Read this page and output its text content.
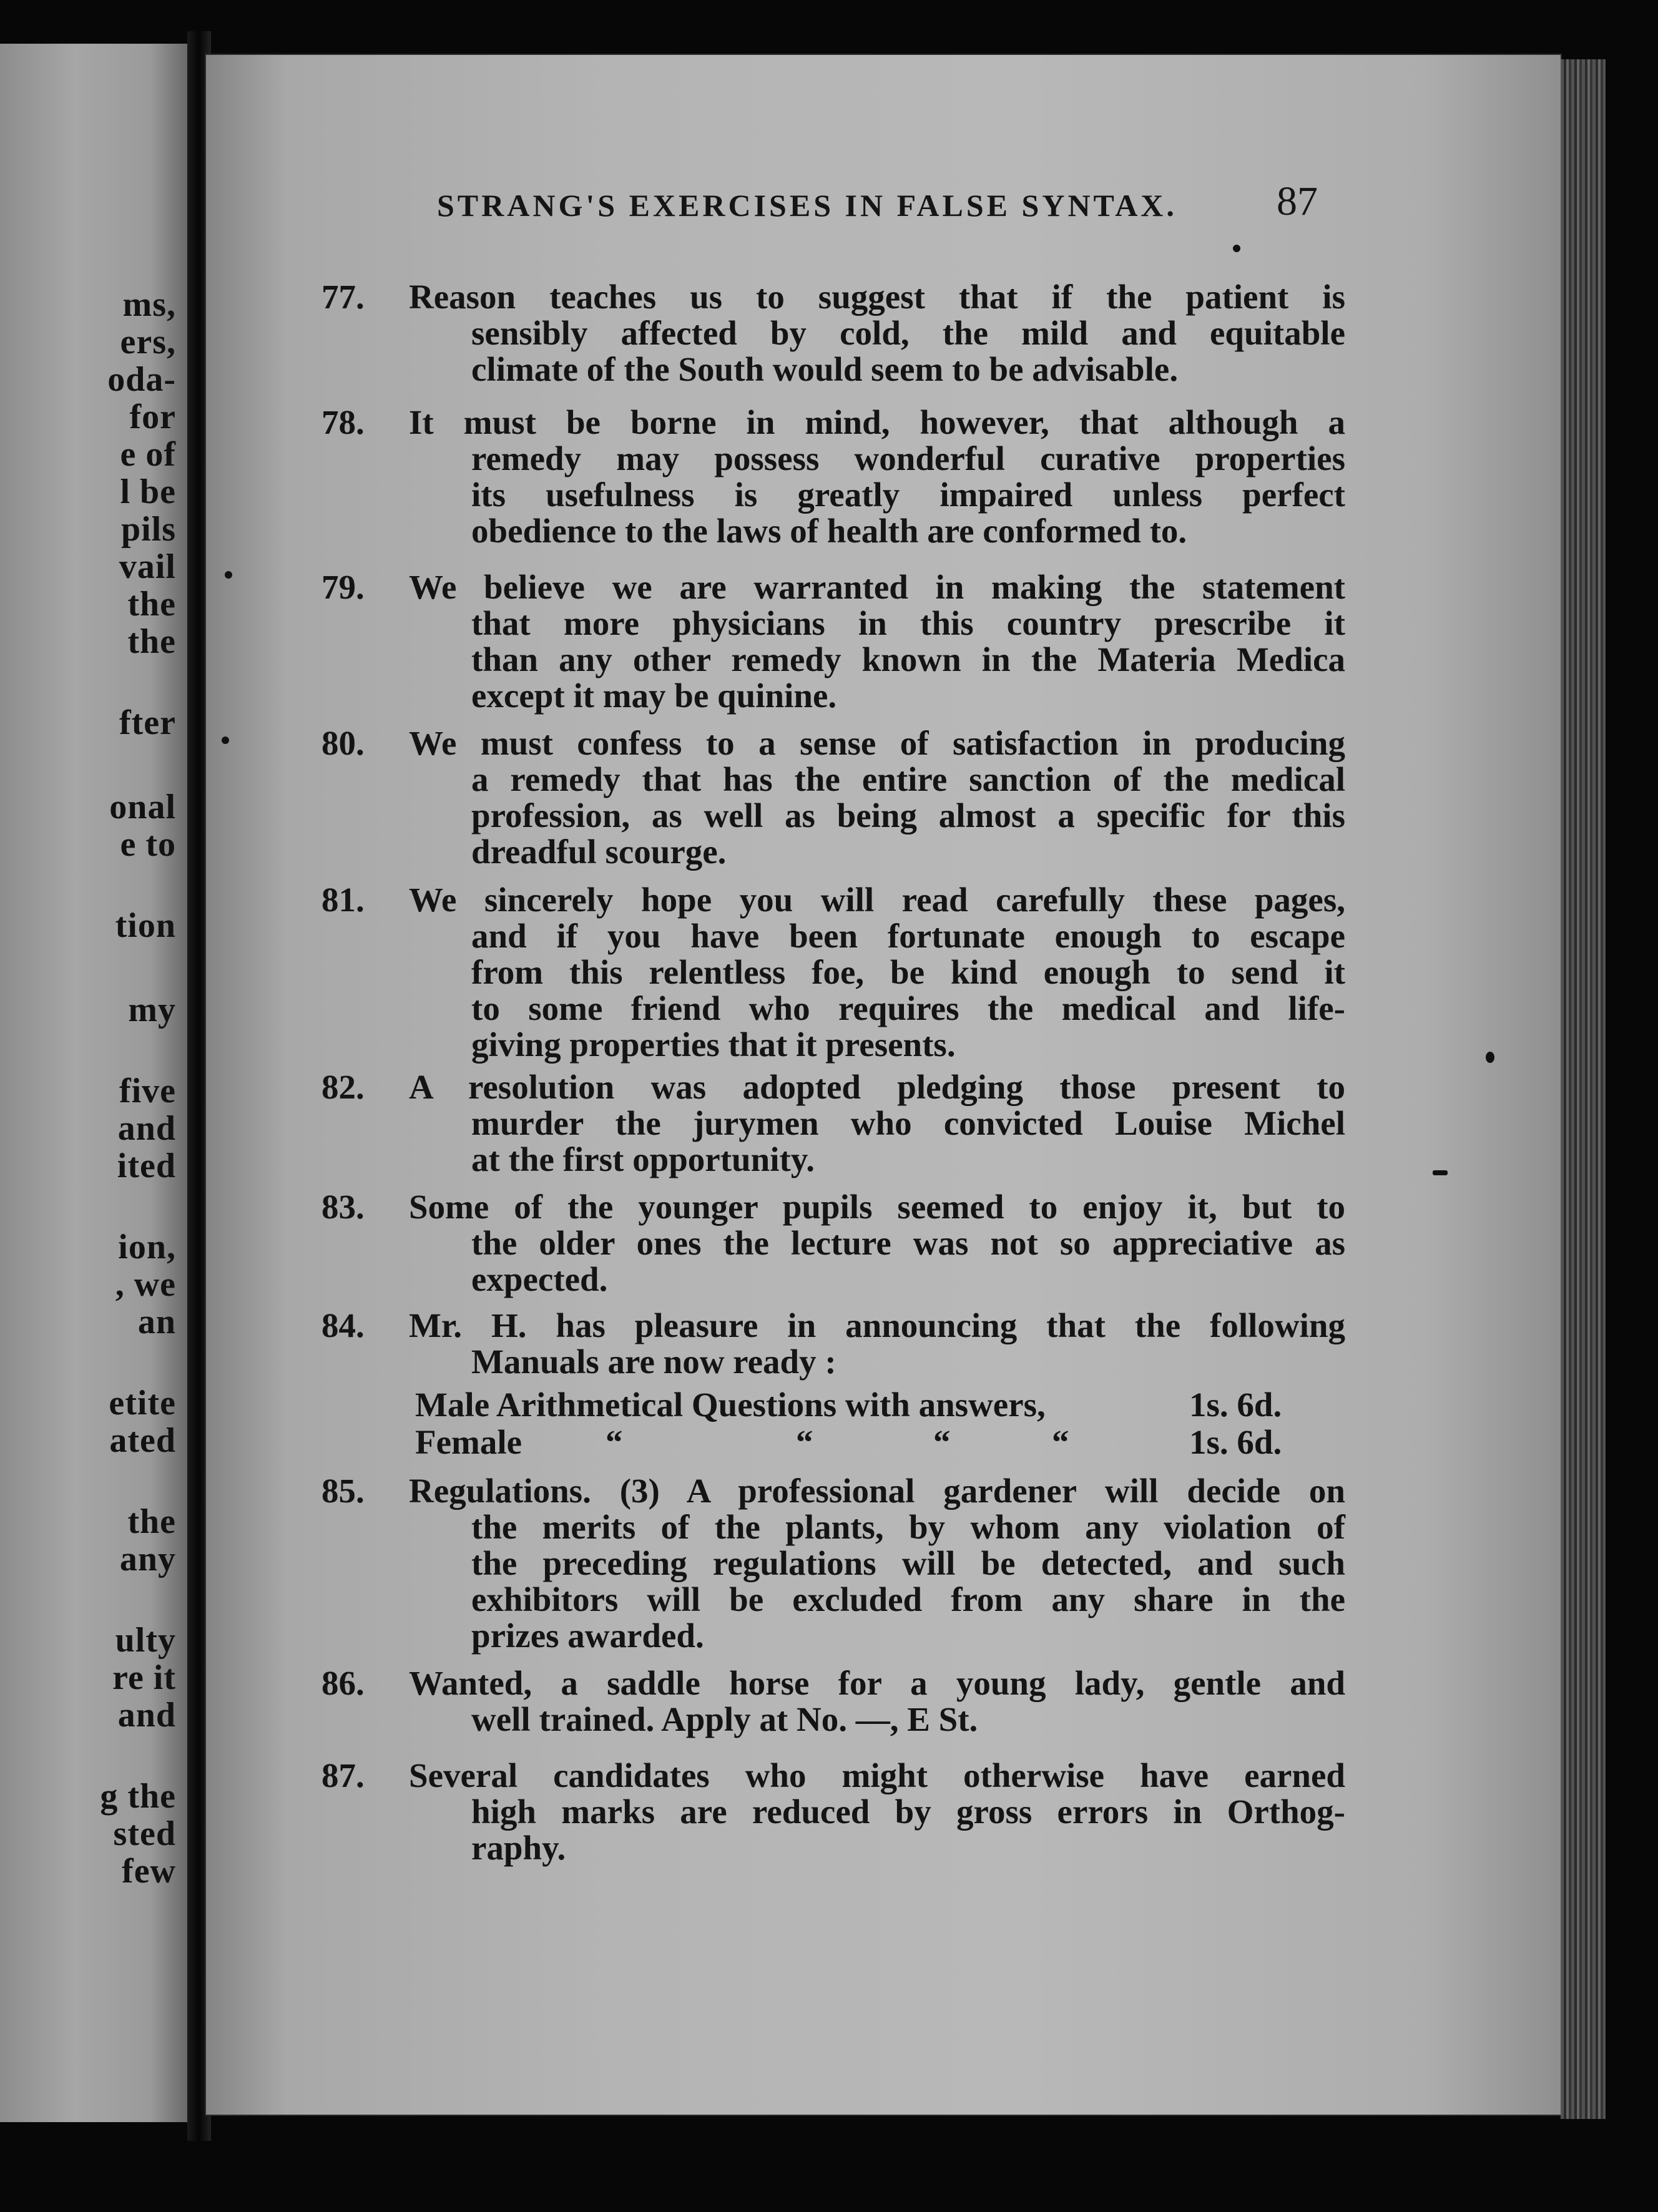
ms,
ers,
oda-
for
e of
l be
pils
vail
the
the
fter
onal
e to
tion
my
five
and
ited
ion,
, we
an
etite
ated
the
any
ulty
re it
and
g the
sted
few
STRANG'S EXERCISES IN FALSE SYNTAX. 87
77. Reason teaches us to suggest that if the patient is
sensibly affected by cold, the mild and equitable
climate of the South would seem to be advisable.
78. It must be borne in mind, however, that although a
remedy may possess wonderful curative properties
its usefulness is greatly impaired unless perfect
obedience to the laws of health are conformed to.
79. We believe we are warranted in making the statement
that more physicians in this country prescribe it
than any other remedy known in the Materia Medica
except it may be quinine.
80. We must confess to a sense of satisfaction in producing
a remedy that has the entire sanction of the medical
profession, as well as being almost a specific for this
dreadful scourge.
81. We sincerely hope you will read carefully these pages,
and if you have been fortunate enough to escape
from this relentless foe, be kind enough to send it
to some friend who requires the medical and life-
giving properties that it presents.
82. A resolution was adopted pledging those present to
murder the jurymen who convicted Louise Michel
at the first opportunity.
83. Some of the younger pupils seemed to enjoy it, but to
the older ones the lecture was not so appreciative as
expected.
84. Mr. H. has pleasure in announcing that the following
Manuals are now ready :
85. Regulations. (3) A professional gardener will decide on
the merits of the plants, by whom any violation of
the preceding regulations will be detected, and such
exhibitors will be excluded from any share in the
prizes awarded.
86. Wanted, a saddle horse for a young lady, gentle and
well trained. Apply at No. —, E St.
87. Several candidates who might otherwise have earned
high marks are reduced by gross errors in Orthog-
raphy.
Male Arithmetical Questions with answers,	1s. 6d.
Female “	“	“	“	1s. 6d.
